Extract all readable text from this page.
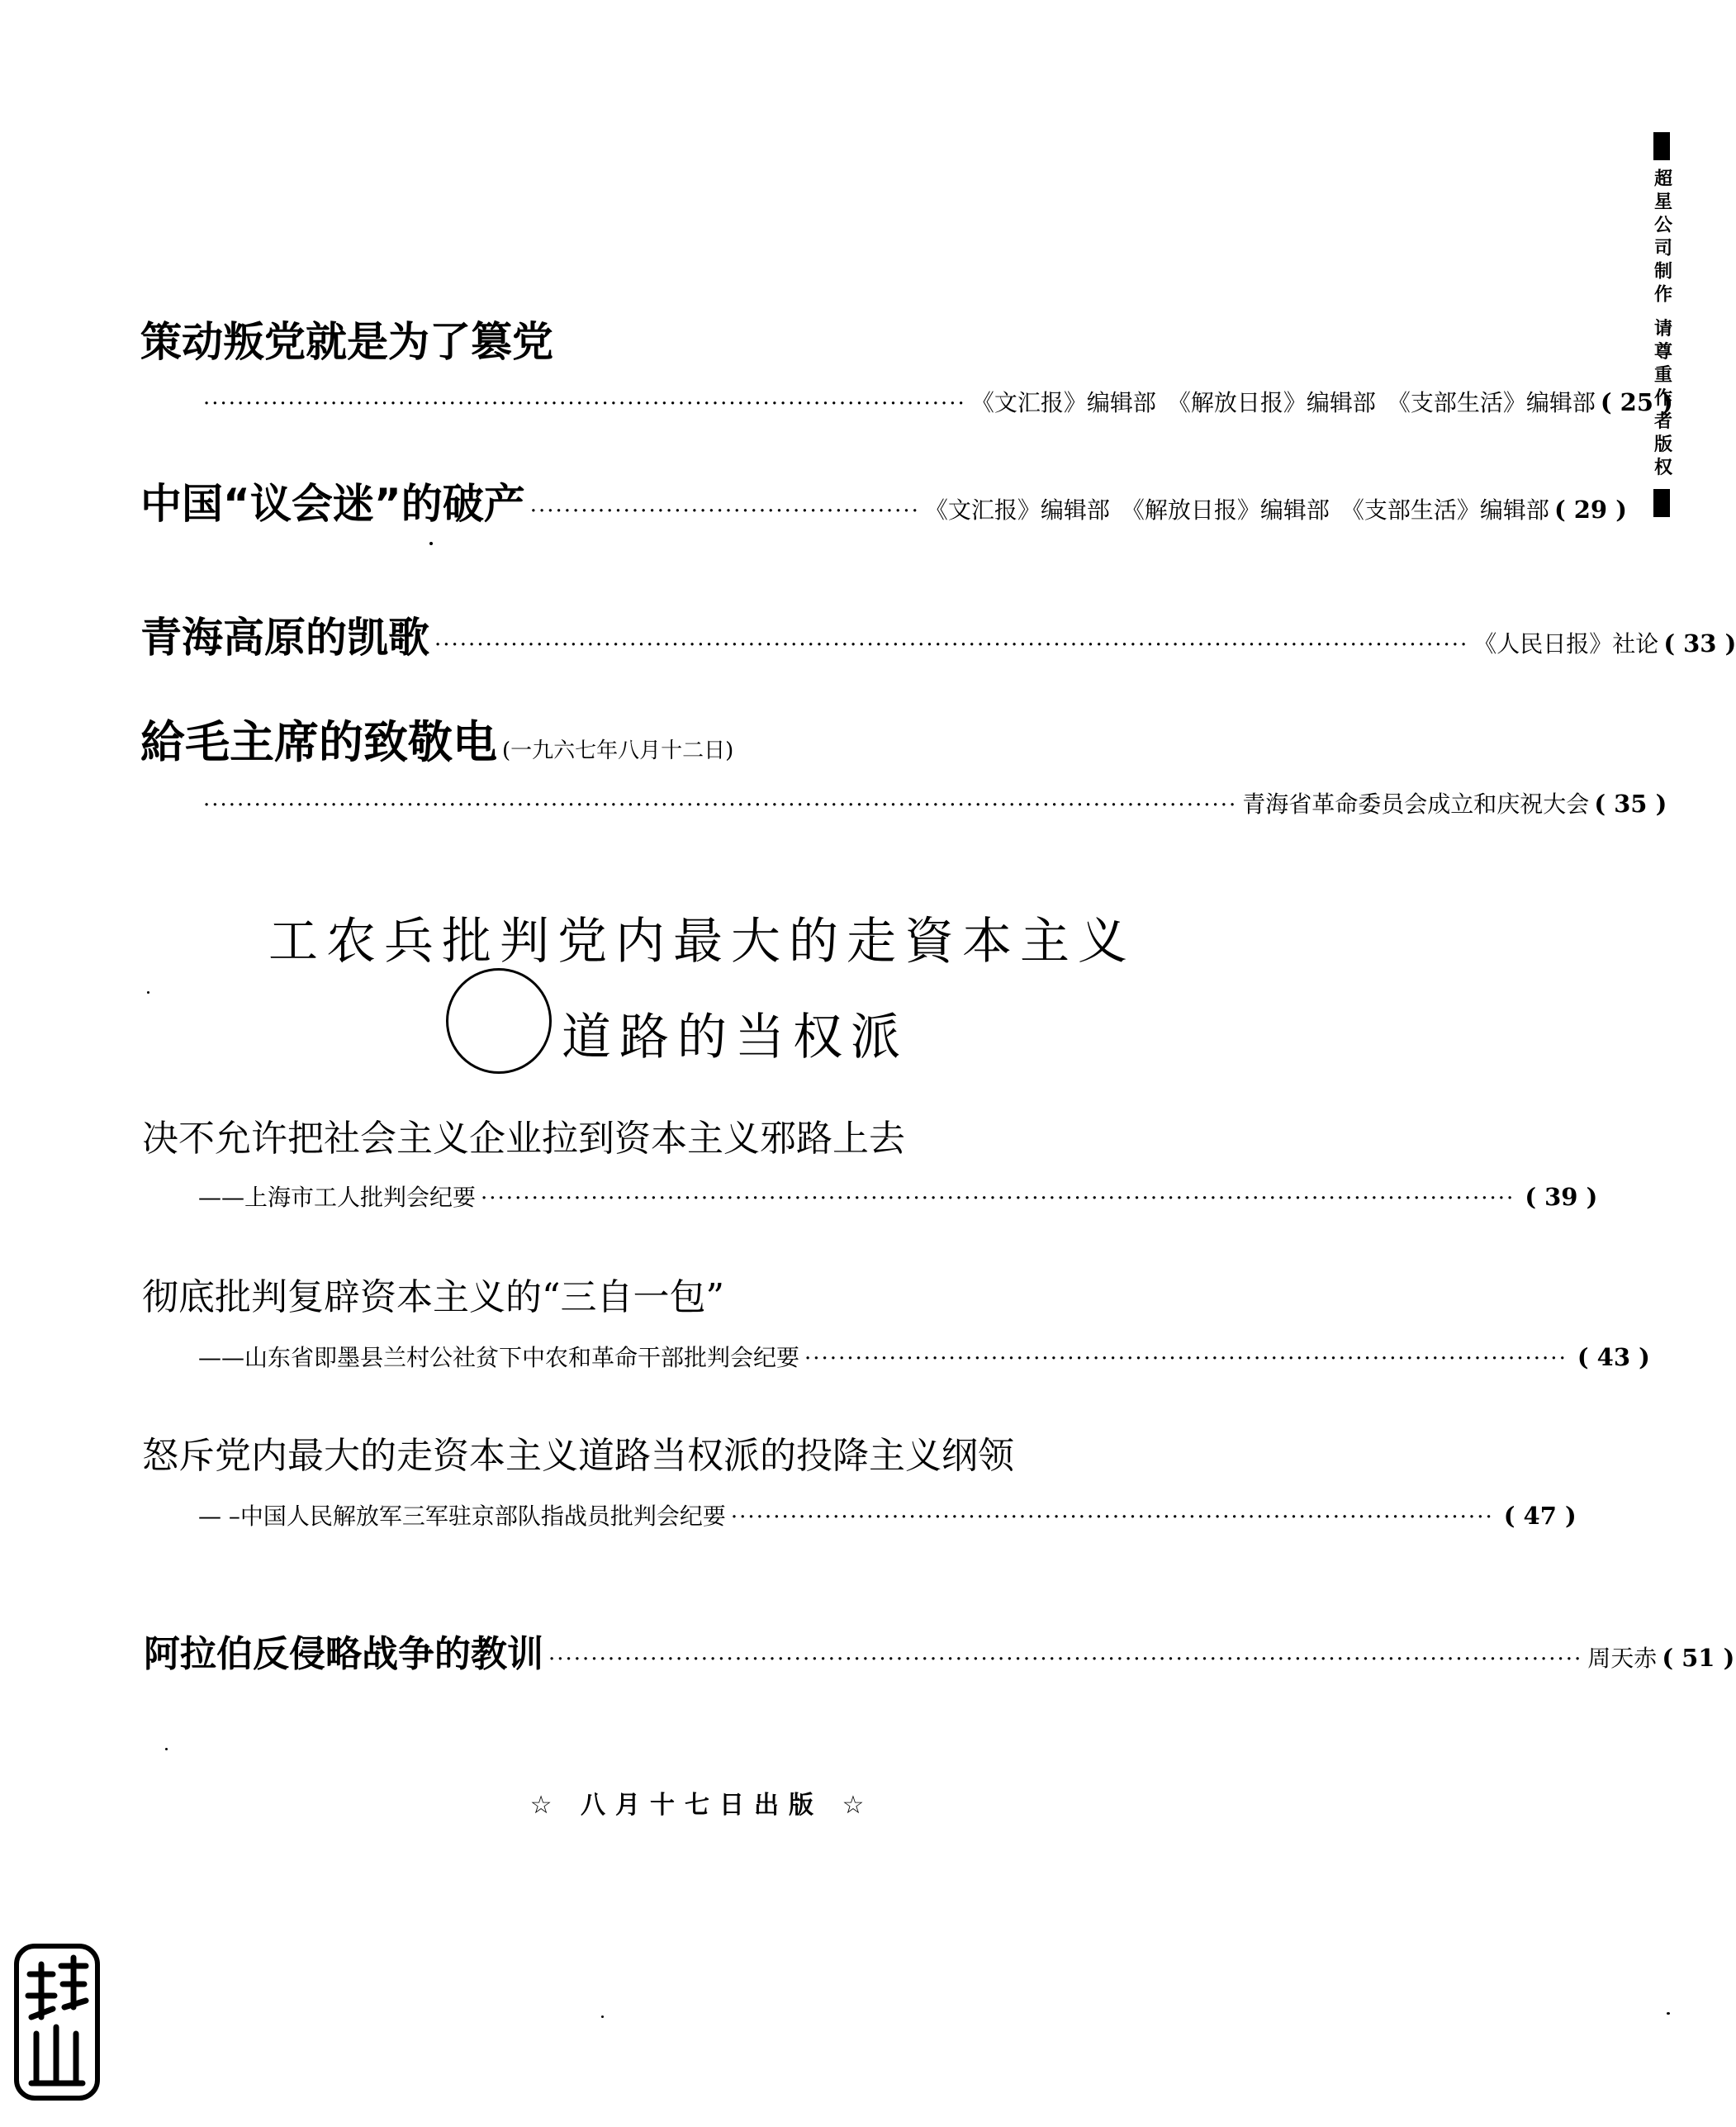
超星公司制作 请尊重作者版权
策动叛党就是为了篡党
·························································································· 《文汇报》编辑部　《解放日报》编辑部　《支部生活》编辑部 ( 25 )
中国“议会迷”的破产 ·············································· 《文汇报》编辑部　《解放日报》编辑部　《支部生活》编辑部 ( 29 )
青海高原的凯歌 ·························································································································· 《人民日报》社论 ( 33 )
給毛主席的致敬电 (一九六七年八月十二日)
·························································································································· 青海省革命委员会成立和庆祝大会 ( 35 )
工农兵批判党内最大的走資本主义
道路的当权派
决不允许把社会主义企业拉到资本主义邪路上去
——上海市工人批判会纪要 ·························································································································· ( 39 )
彻底批判复辟资本主义的“三自一包”
——山东省即墨县兰村公社贫下中农和革命干部批判会纪要 ·························································································· ( 43 )
怒斥党内最大的走资本主义道路当权派的投降主义纲领
— –中国人民解放军三军驻京部队指战员批判会纪要 ·························································································· ( 47 )
阿拉伯反侵略战争的教训 ·························································································································· 周天赤 ( 51 )
☆ 八月十七日出版 ☆
